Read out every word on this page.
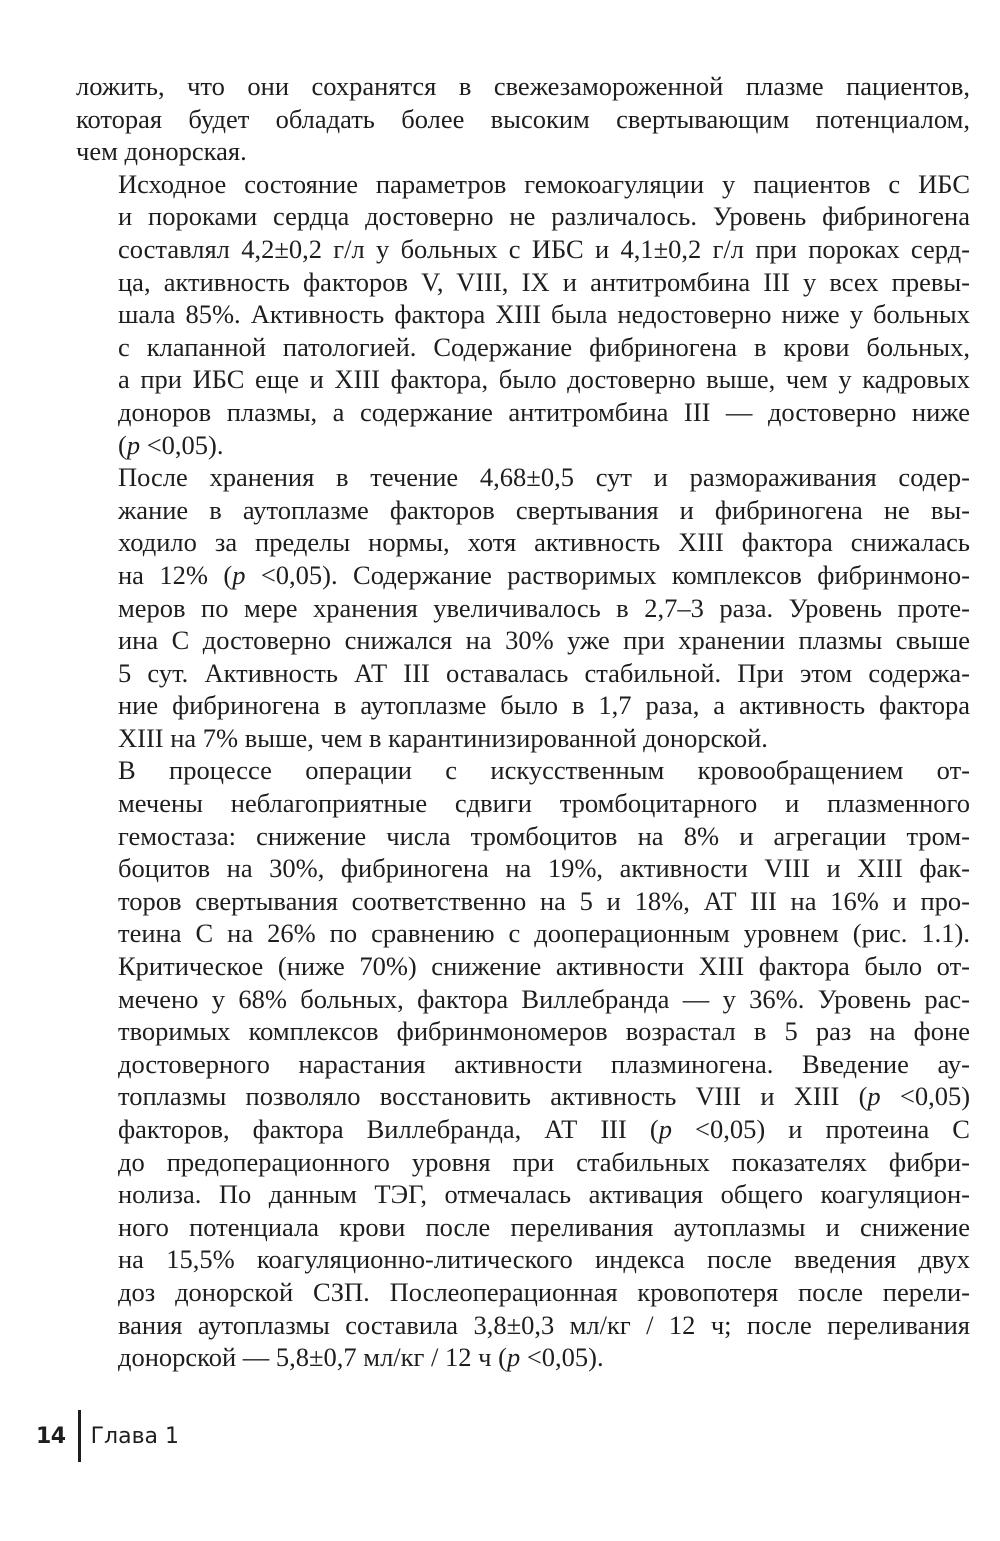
ложить, что они сохранятся в свежезамороженной плазме пациентов,
которая будет обладать более высоким свертывающим потенциалом,
чем донорская.

Исходное состояние параметров гемокоагуляции у пациентов с ИБС
и пороками сердца достоверно не различалось. Уровень фибриногена
составлял 4,2±0,2 г/л у больных с ИБС и 4,1±0,2 г/л при пороках серд-
ца, активность факторов V, VIII, IX и антитромбина III у всех превы-
шала 85%. Активность фактора XIII была недостоверно ниже у больных
с клапанной патологией. Содержание фибриногена в крови больных,
а при ИБС еще и XIII фактора, было достоверно выше, чем у кадровых
доноров плазмы, а содержание антитромбина III — достоверно ниже
(p <0,05).

После хранения в течение 4,68±0,5 сут и размораживания содер-
жание в аутоплазме факторов свертывания и фибриногена не вы-
ходило за пределы нормы, хотя активность XIII фактора снижалась
на 12% (p <0,05). Содержание растворимых комплексов фибринмоно-
меров по мере хранения увеличивалось в 2,7–3 раза. Уровень проте-
ина C достоверно снижался на 30% уже при хранении плазмы свыше
5 сут. Активность АТ III оставалась стабильной. При этом содержа-
ние фибриногена в аутоплазме было в 1,7 раза, а активность фактора
XIII на 7% выше, чем в карантинизированной донорской.

В процессе операции с искусственным кровообращением от-
мечены неблагоприятные сдвиги тромбоцитарного и плазменного
гемостаза: снижение числа тромбоцитов на 8% и агрегации тром-
боцитов на 30%, фибриногена на 19%, активности VIII и XIII фак-
торов свертывания соответственно на 5 и 18%, АТ III на 16% и про-
теина C на 26% по сравнению с дооперационным уровнем (рис. 1.1).
Критическое (ниже 70%) снижение активности XIII фактора было от-
мечено у 68% больных, фактора Виллебранда — у 36%. Уровень рас-
творимых комплексов фибринмономеров возрастал в 5 раз на фоне
достоверного нарастания активности плазминогена. Введение ау-
топлазмы позволяло восстановить активность VIII и XIII (p <0,05)
факторов, фактора Виллебранда, АТ III (p <0,05) и протеина C
до предоперационного уровня при стабильных показателях фибри-
нолиза. По данным ТЭГ, отмечалась активация общего коагуляцион-
ного потенциала крови после переливания аутоплазмы и снижение
на 15,5% коагуляционно-литического индекса после введения двух
доз донорской СЗП. Послеоперационная кровопотеря после перели-
вания аутоплазмы составила 3,8±0,3 мл/кг / 12 ч; после переливания
донорской — 5,8±0,7 мл/кг / 12 ч (p <0,05).

14 Глава 1
